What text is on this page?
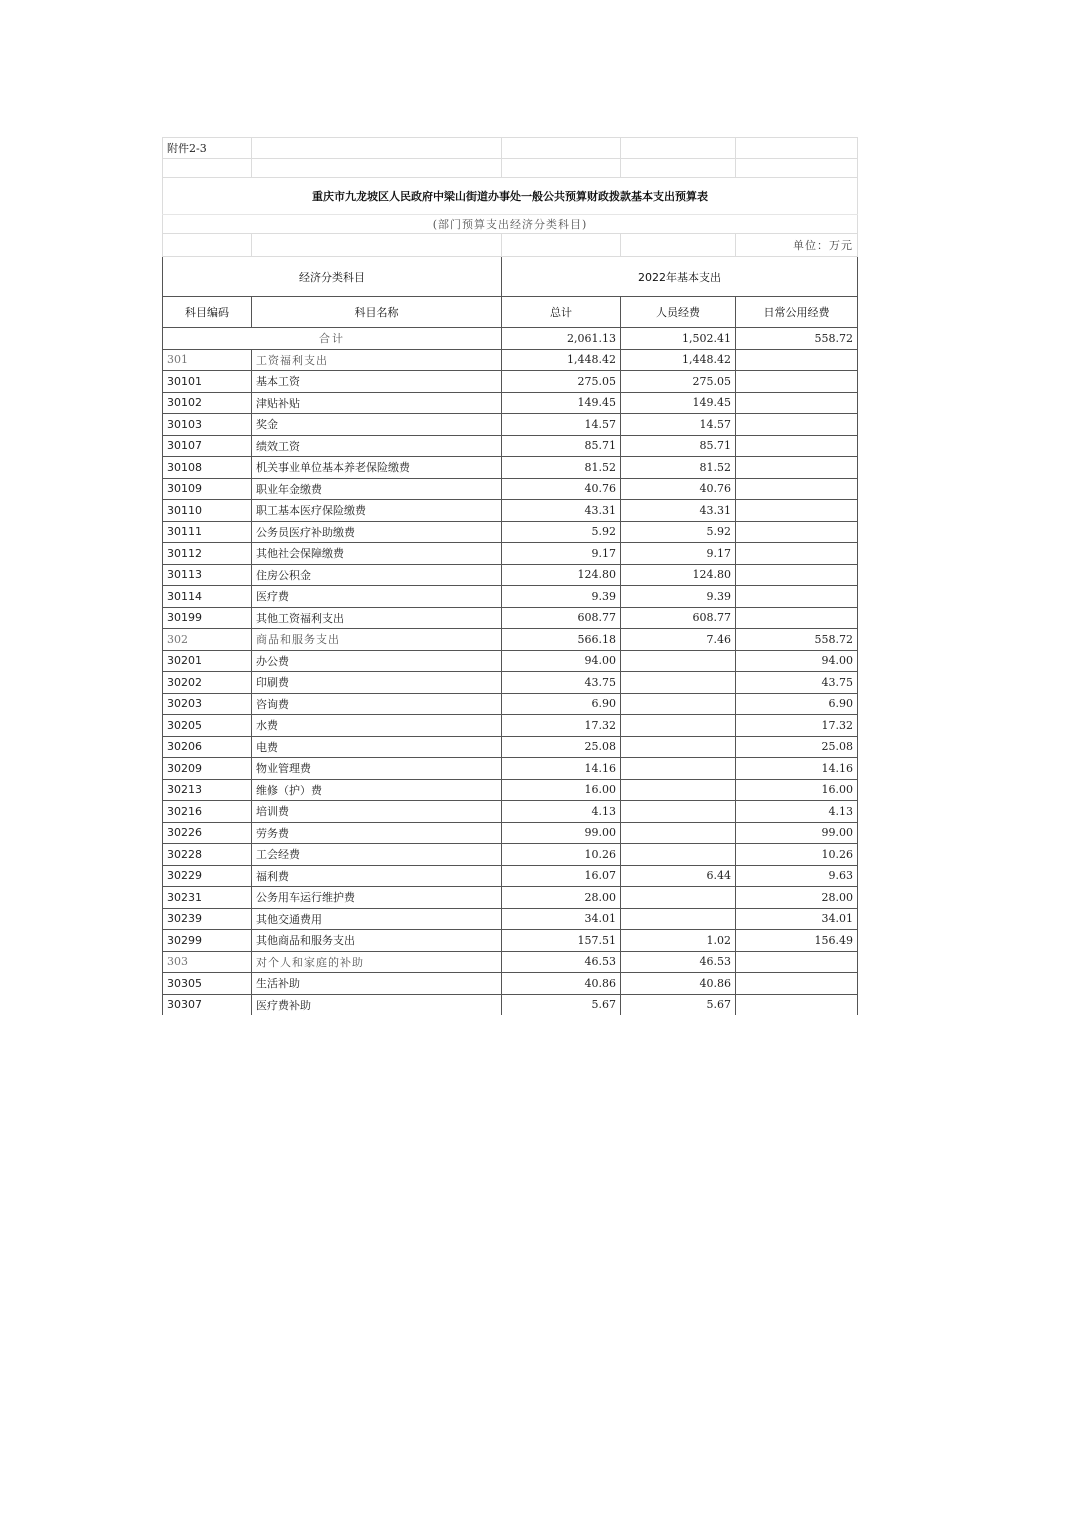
附件2-3				

重庆市九龙坡区人民政府中梁山街道办事处一般公共预算财政拨款基本支出预算表				
(部门预算支出经济分类科目)				
				单位：万元
经济分类科目		2022年基本支出		
科目编码	科目名称	总计	人员经费	日常公用经费
合计		2,061.13	1,502.41	558.72
301	工资福利支出	1,448.42	1,448.42	
30101	基本工资	275.05	275.05	
30102	津贴补贴	149.45	149.45	
30103	奖金	14.57	14.57	
30107	绩效工资	85.71	85.71	
30108	机关事业单位基本养老保险缴费	81.52	81.52	
30109	职业年金缴费	40.76	40.76	
30110	职工基本医疗保险缴费	43.31	43.31	
30111	公务员医疗补助缴费	5.92	5.92	
30112	其他社会保障缴费	9.17	9.17	
30113	住房公积金	124.80	124.80	
30114	医疗费	9.39	9.39	
30199	其他工资福利支出	608.77	608.77	
302	商品和服务支出	566.18	7.46	558.72
30201	办公费	94.00		94.00
30202	印刷费	43.75		43.75
30203	咨询费	6.90		6.90
30205	水费	17.32		17.32
30206	电费	25.08		25.08
30209	物业管理费	14.16		14.16
30213	维修（护）费	16.00		16.00
30216	培训费	4.13		4.13
30226	劳务费	99.00		99.00
30228	工会经费	10.26		10.26
30229	福利费	16.07	6.44	9.63
30231	公务用车运行维护费	28.00		28.00
30239	其他交通费用	34.01		34.01
30299	其他商品和服务支出	157.51	1.02	156.49
303	对个人和家庭的补助	46.53	46.53	
30305	生活补助	40.86	40.86	
30307	医疗费补助	5.67	5.67	
